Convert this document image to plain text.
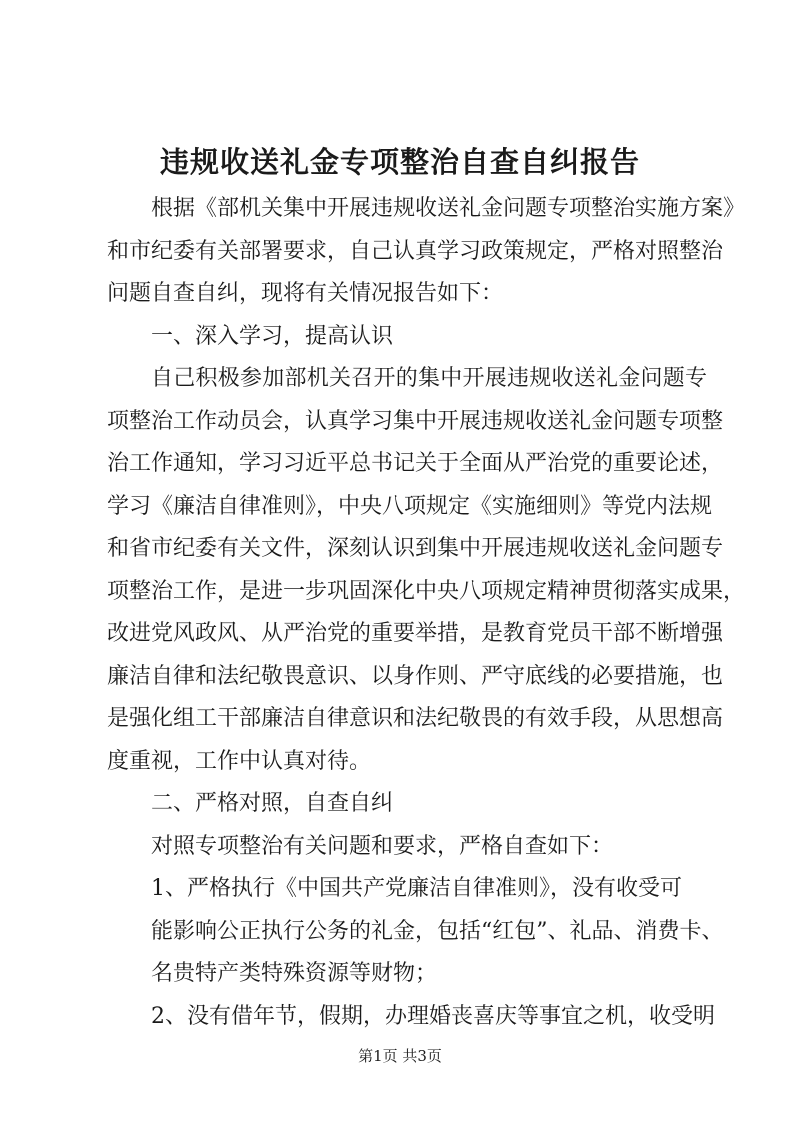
违规收送礼金专项整治自查自纠报告
根据《部机关集中开展违规收送礼金问题专项整治实施方案》
和市纪委有关部署要求，自己认真学习政策规定，严格对照整治
问题自查自纠，现将有关情况报告如下：
一、深入学习，提高认识
自己积极参加部机关召开的集中开展违规收送礼金问题专
项整治工作动员会，认真学习集中开展违规收送礼金问题专项整
治工作通知，学习习近平总书记关于全面从严治党的重要论述，
学习《廉洁自律准则》，中央八项规定《实施细则》等党内法规
和省市纪委有关文件，深刻认识到集中开展违规收送礼金问题专
项整治工作，是进一步巩固深化中央八项规定精神贯彻落实成果，
改进党风政风、从严治党的重要举措，是教育党员干部不断增强
廉洁自律和法纪敬畏意识、以身作则、严守底线的必要措施，也
是强化组工干部廉洁自律意识和法纪敬畏的有效手段，从思想高
度重视，工作中认真对待。
二、严格对照，自查自纠
对照专项整治有关问题和要求，严格自查如下：
1、严格执行《中国共产党廉洁自律准则》，没有收受可
能影响公正执行公务的礼金，包括“红包”、礼品、消费卡、
名贵特产类特殊资源等财物；
2、没有借年节，假期，办理婚丧喜庆等事宜之机，收受明
第1页 共3页
